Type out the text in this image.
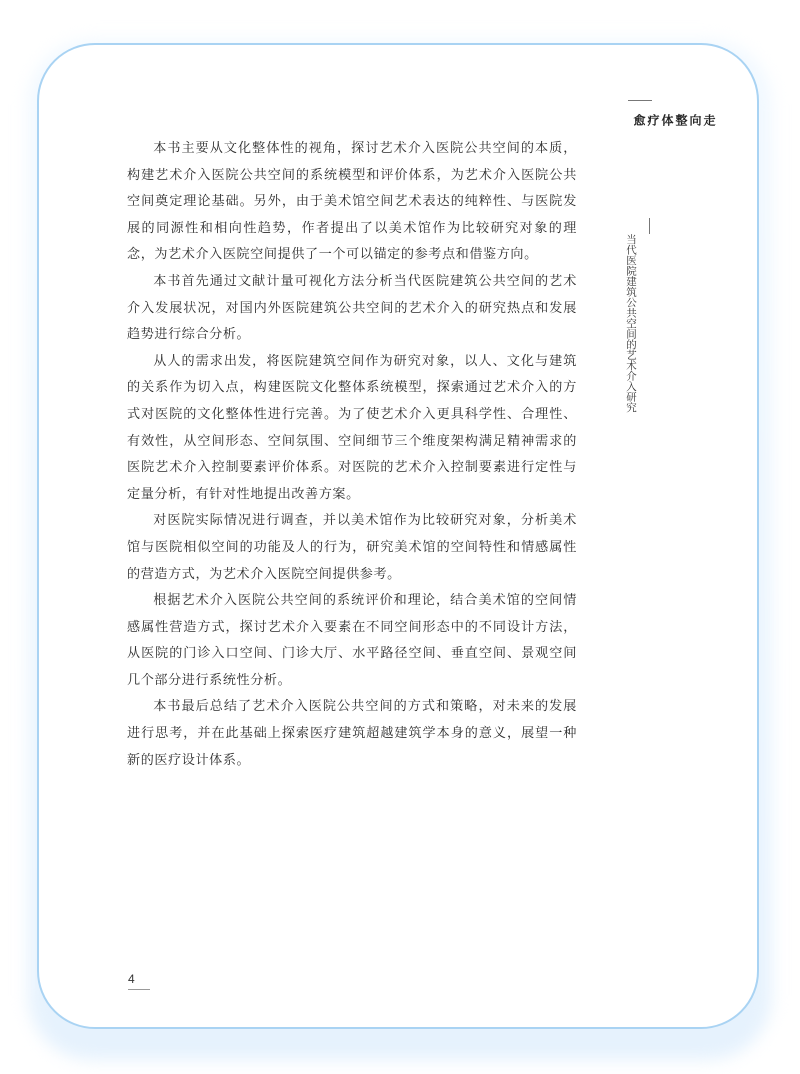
本书主要从文化整体性的视角，探讨艺术介入医院公共空间的本质，构建艺术介入医院公共空间的系统模型和评价体系，为艺术介入医院公共空间奠定理论基础。另外，由于美术馆空间艺术表达的纯粹性、与医院发展的同源性和相向性趋势，作者提出了以美术馆作为比较研究对象的理念，为艺术介入医院空间提供了一个可以锚定的参考点和借鉴方向。

本书首先通过文献计量可视化方法分析当代医院建筑公共空间的艺术介入发展状况，对国内外医院建筑公共空间的艺术介入的研究热点和发展趋势进行综合分析。

从人的需求出发，将医院建筑空间作为研究对象，以人、文化与建筑的关系作为切入点，构建医院文化整体系统模型，探索通过艺术介入的方式对医院的文化整体性进行完善。为了使艺术介入更具科学性、合理性、有效性，从空间形态、空间氛围、空间细节三个维度架构满足精神需求的医院艺术介入控制要素评价体系。对医院的艺术介入控制要素进行定性与定量分析，有针对性地提出改善方案。

对医院实际情况进行调查，并以美术馆作为比较研究对象，分析美术馆与医院相似空间的功能及人的行为，研究美术馆的空间特性和情感属性的营造方式，为艺术介入医院空间提供参考。

根据艺术介入医院公共空间的系统评价和理论，结合美术馆的空间情感属性营造方式，探讨艺术介入要素在不同空间形态中的不同设计方法，从医院的门诊入口空间、门诊大厅、水平路径空间、垂直空间、景观空间几个部分进行系统性分析。

本书最后总结了艺术介入医院公共空间的方式和策略，对未来的发展进行思考，并在此基础上探索医疗建筑超越建筑学本身的意义，展望一种新的医疗设计体系。

走向整体疗愈
当代医院建筑公共空间的艺术介入研究
4
